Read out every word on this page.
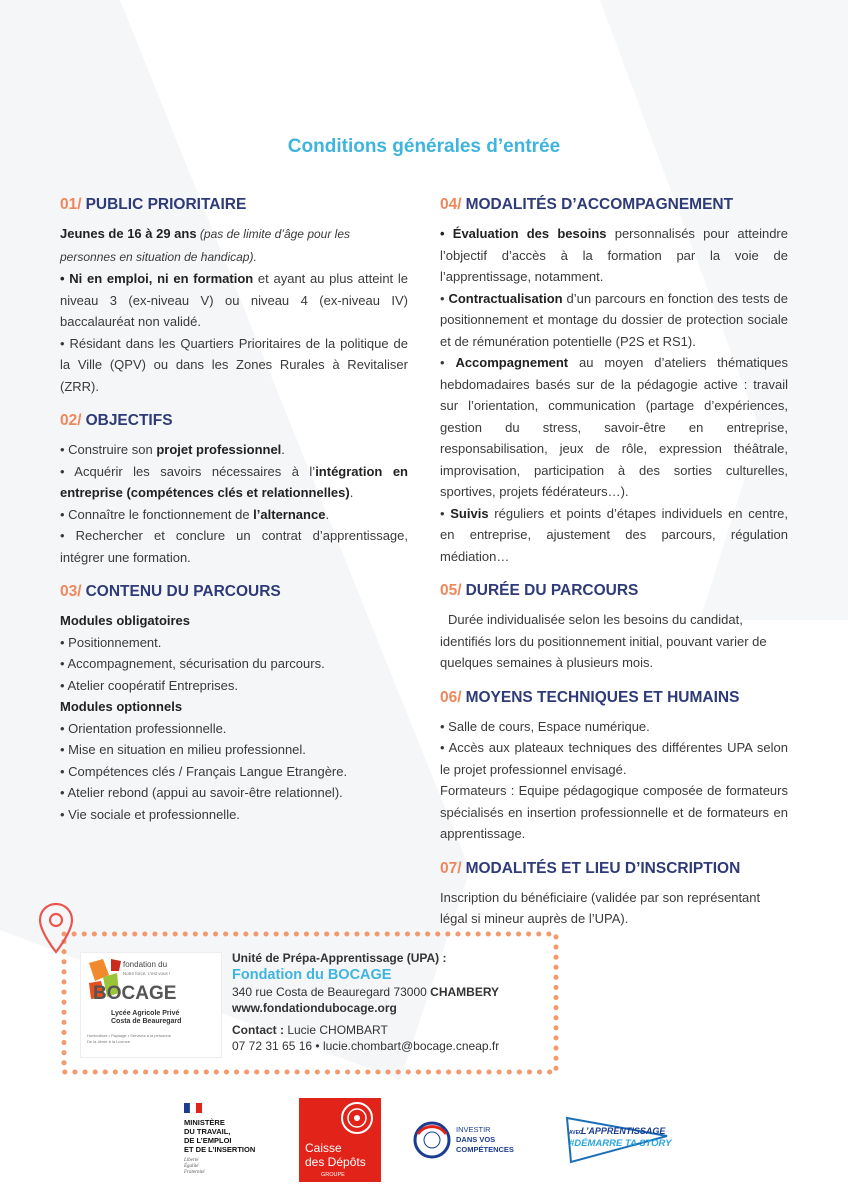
Conditions générales d’entrée
01/ PUBLIC PRIORITAIRE

Jeunes de 16 à 29 ans (pas de limite d’âge pour les personnes en situation de handicap).

• Ni en emploi, ni en formation et ayant au plus atteint le niveau 3 (ex-niveau V) ou niveau 4 (ex-niveau IV) baccalauréat non validé.

• Résidant dans les Quartiers Prioritaires de la politique de la Ville (QPV) ou dans les Zones Rurales à Revitaliser (ZRR).

02/ OBJECTIFS

• Construire son projet professionnel.

• Acquérir les savoirs nécessaires à l’intégration en entreprise (compétences clés et relationnelles).

• Connaître le fonctionnement de l’alternance.

• Rechercher et conclure un contrat d’apprentissage, intégrer une formation.

03/ CONTENU DU PARCOURS
Modules obligatoires

• Positionnement.

• Accompagnement, sécurisation du parcours.

• Atelier coopératif Entreprises.

Modules optionnels

• Orientation professionnelle.

• Mise en situation en milieu professionnel.

• Compétences clés / Français Langue Etrangère.

• Atelier rebond (appui au savoir-être relationnel).

• Vie sociale et professionnelle.

04/ MODALITÉS D’ACCOMPAGNEMENT

• Évaluation des besoins personnalisés pour atteindre l’objectif d’accès à la formation par la voie de l’apprentissage, notamment.

• Contractualisation d’un parcours en fonction des tests de positionnement et montage du dossier de protection sociale et de rémunération potentielle (P2S et RS1).

• Accompagnement au moyen d’ateliers thématiques hebdomadaires basés sur de la pédagogie active : travail sur l’orientation, communication (partage d’expériences, gestion du stress, savoir-être en entreprise, responsabilisation, jeux de rôle, expression théâtrale, improvisation, participation à des sorties culturelles, sportives, projets fédérateurs…).

• Suivis réguliers et points d’étapes individuels en centre, en entreprise, ajustement des parcours, régulation médiation…

05/ DURÉE DU PARCOURS
Durée individualisée selon les besoins du candidat, identifiés lors du positionnement initial, pouvant varier de quelques semaines à plusieurs mois.
06/ MOYENS TECHNIQUES ET HUMAINS

• Salle de cours, Espace numérique.

• Accès aux plateaux techniques des différentes UPA selon le projet professionnel envisagé.

Formateurs : Equipe pédagogique composée de formateurs spécialisés en insertion professionnelle et de formateurs en apprentissage.

07/ MODALITÉS ET LIEU D’INSCRIPTION
Inscription du bénéficiaire (validée par son représentant légal si mineur auprès de l’UPA).
fondation du
Notre force, c’est vous !
BOCAGE
Lycée Agricole Privé
Costa de Beauregard
Horticulture • Paysage • Services à la personne
De la 4ème à la Licence
Unité de Prépa-Apprentissage (UPA) :
Fondation du BOCAGE
340 rue Costa de Beauregard 73000 CHAMBERY
www.fondationdubocage.org
Contact : Lucie CHOMBART
07 72 31 65 16 • lucie.chombart@bocage.cneap.fr
MINISTÈRE
DU TRAVAIL,
DE L’EMPLOI
ET DE L’INSERTION
Liberté
Égalité
Fraternité
Caisse
des Dépôts
GROUPE
INVESTIR
DANS VOS
COMPÉTENCES
AVEC
L’APPRENTISSAGE
#DÉMARRE TA STORY
